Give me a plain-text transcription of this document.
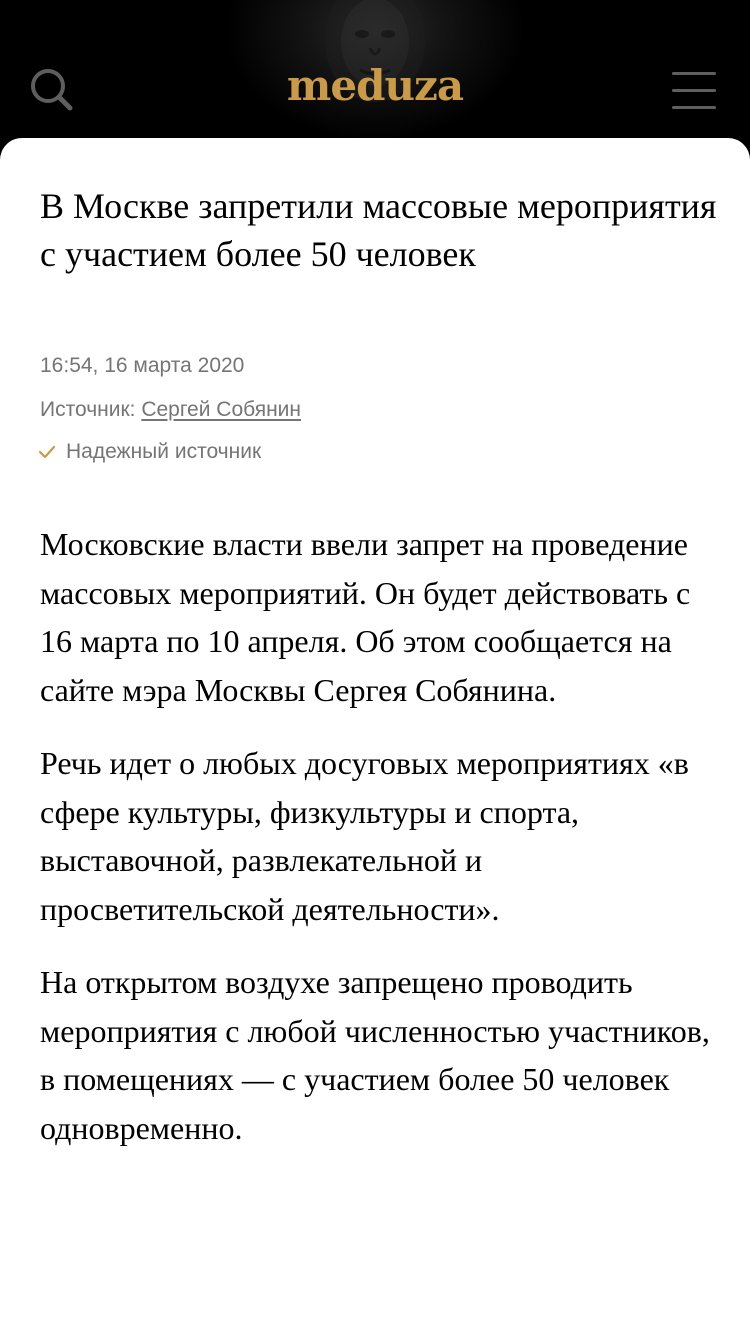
meduza
В Москве запретили массовые мероприятия с участием более 50 человек
16:54, 16 марта 2020
Источник: Сергей Собянин
Надежный источник

Московские власти ввели запрет на проведение массовых мероприятий. Он будет действовать с 16 марта по 10 апреля. Об этом сообщается на сайте мэра Москвы Сергея Собянина.

Речь идет о любых досуговых мероприятиях «в сфере культуры, физкультуры и спорта, выставочной, развлекательной и просветительской деятельности».

На открытом воздухе запрещено проводить мероприятия с любой численностью участников, в помещениях — с участием более 50 человек одновременно.
